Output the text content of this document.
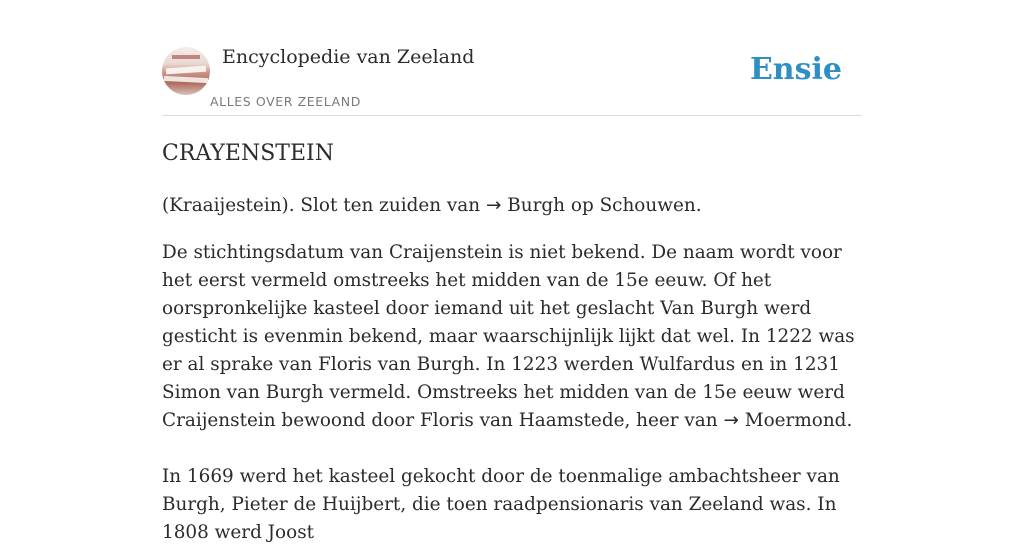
Encyclopedie van Zeeland
ALLES OVER ZEELAND
Ensie
CRAYENSTEIN

(Kraaijestein). Slot ten zuiden van → Burgh op Schouwen.

De stichtingsdatum van Craijenstein is niet bekend. De naam wordt voor het eerst vermeld omstreeks het midden van de 15e eeuw. Of het oorspronkelijke kasteel door iemand uit het geslacht Van Burgh werd gesticht is evenmin bekend, maar waarschijnlijk lijkt dat wel. In 1222 was er al sprake van Floris van Burgh. In 1223 werden Wulfardus en in 1231 Simon van Burgh vermeld. Omstreeks het midden van de 15e eeuw werd Craijenstein bewoond door Floris van Haamstede, heer van → Moermond.

In 1669 werd het kasteel gekocht door de toenmalige ambachtsheer van Burgh, Pieter de Huijbert, die toen raadpensionaris van Zeeland was. In 1808 werd Joost
